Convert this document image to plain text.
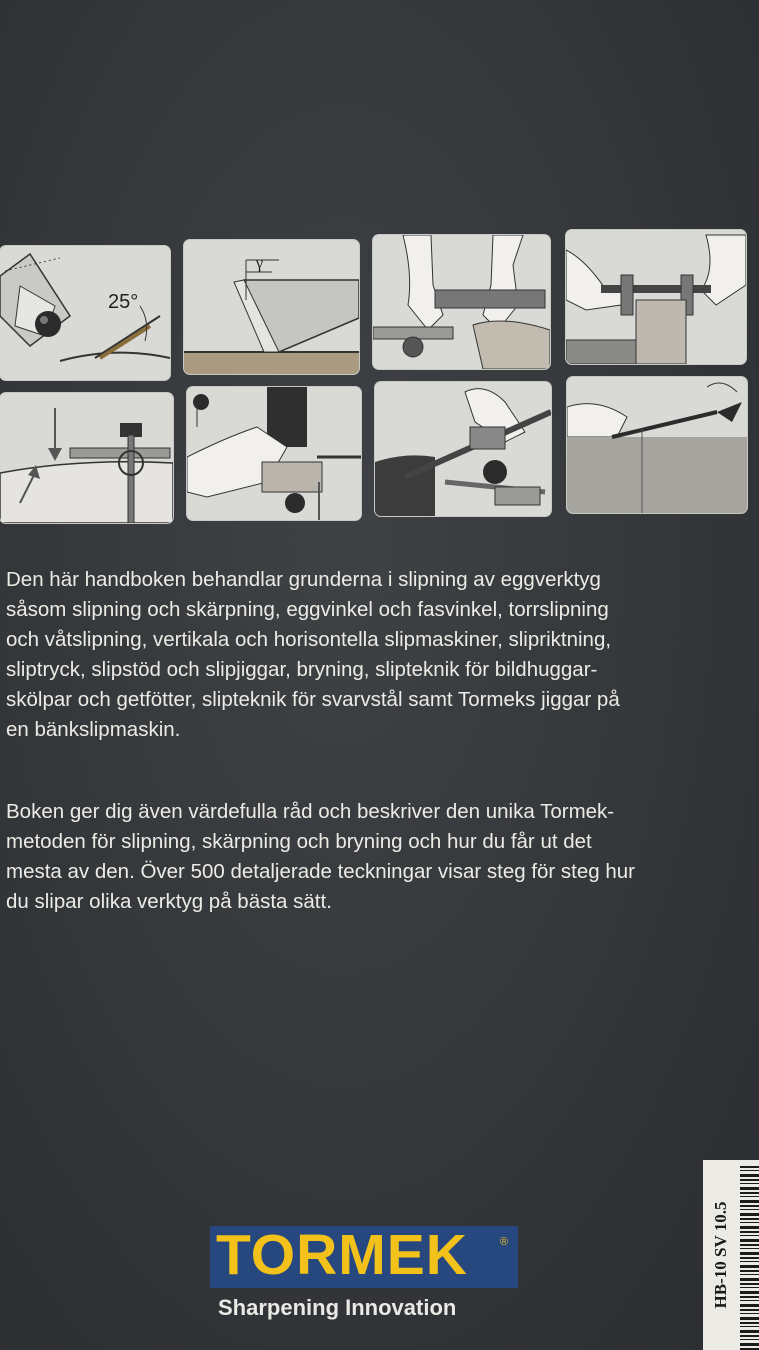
25°
γ

Den här handboken behandlar grunderna i slipning av eggverktyg
såsom slipning och skärpning, eggvinkel och fasvinkel, torrslipning
och våtslipning, vertikala och horisontella slipmaskiner, slipriktning,
sliptryck, slipstöd och slipjiggar, bryning, slipteknik för bildhuggar-
skölpar och getfötter, slipteknik för svarvstål samt Tormeks jiggar på
en bänkslipmaskin.

Boken ger dig även värdefulla råd och beskriver den unika Tormek-
metoden för slipning, skärpning och bryning och hur du får ut det
mesta av den. Över 500 detaljerade teckningar visar steg för steg hur
du slipar olika verktyg på bästa sätt.

TORMEK	®
Sharpening Innovation	HB-10 SV 10.5
